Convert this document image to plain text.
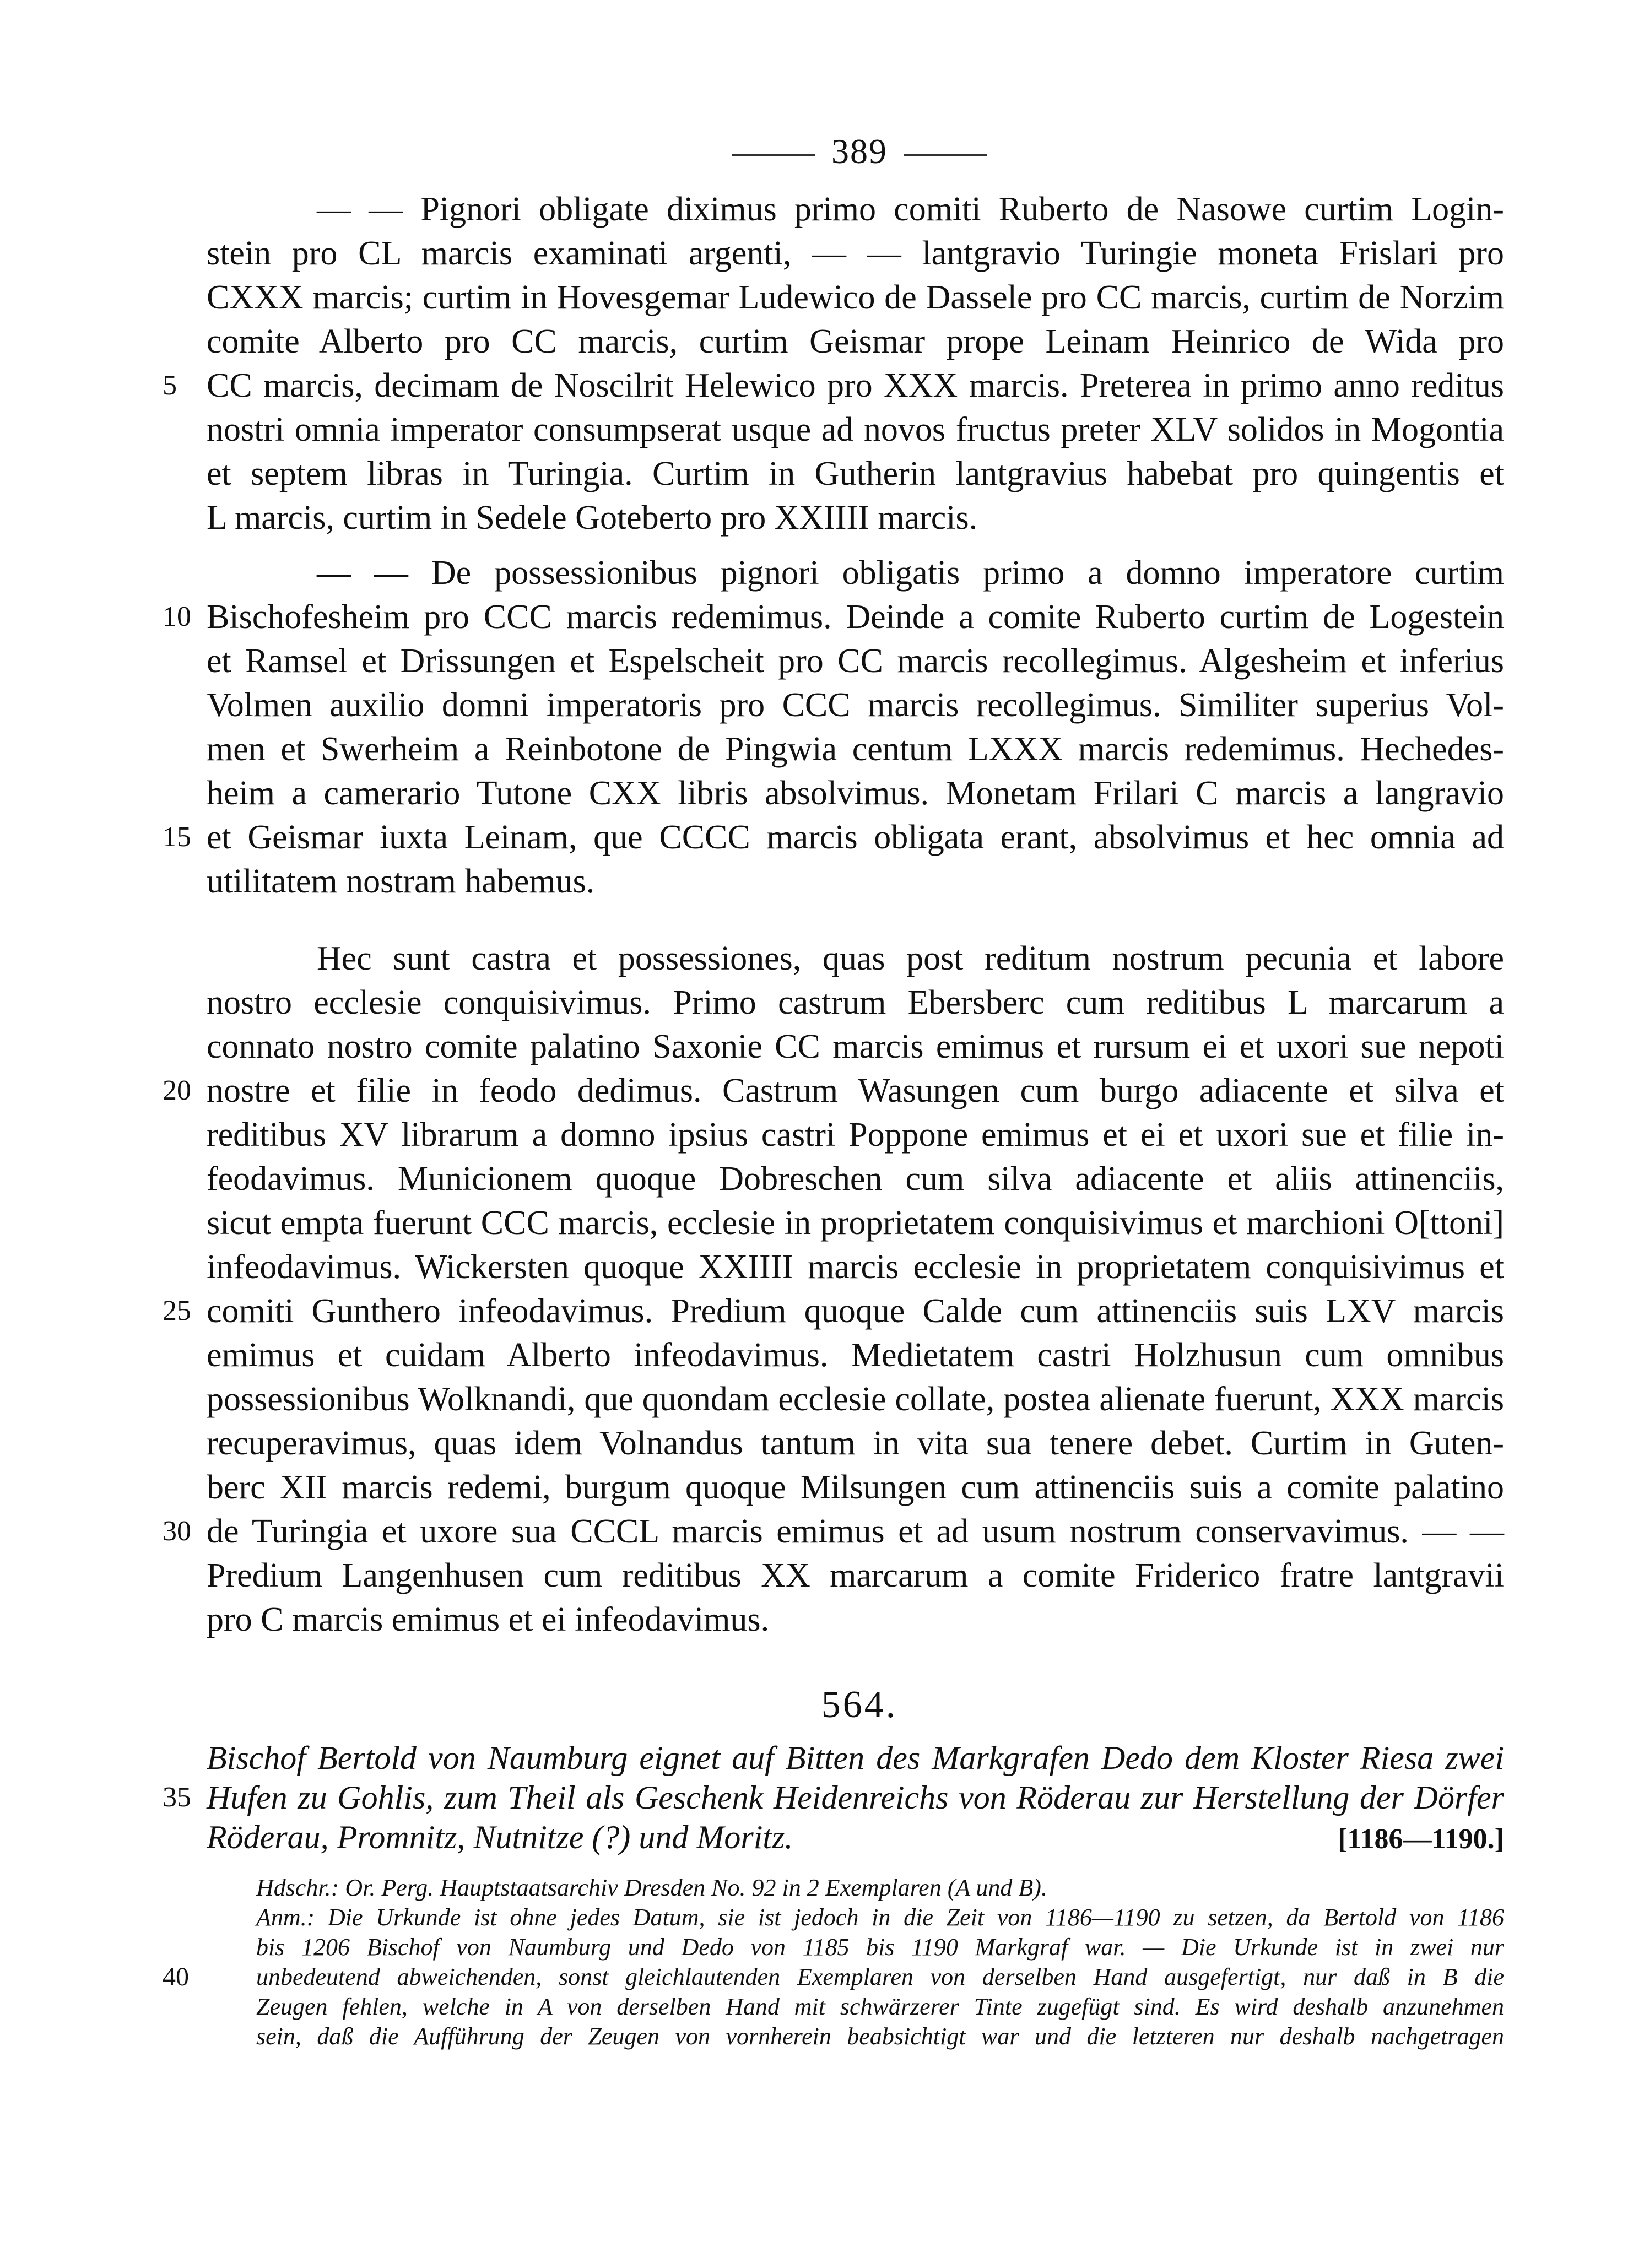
389
— — Pignori obligate diximus primo comiti Ruberto de Nasowe curtim Login-
stein pro CL marcis examinati argenti, — — lantgravio Turingie moneta Frislari pro
CXXX marcis; curtim in Hovesgemar Ludewico de Dassele pro CC marcis, curtim de Norzim
comite Alberto pro CC marcis, curtim Geismar prope Leinam Heinrico de Wida pro
5 CC marcis, decimam de Noscilrit Helewico pro XXX marcis. Preterea in primo anno reditus
nostri omnia imperator consumpserat usque ad novos fructus preter XLV solidos in Mogontia
et septem libras in Turingia. Curtim in Gutherin lantgravius habebat pro quingentis et
L marcis, curtim in Sedele Goteberto pro XXIIII marcis.
— — De possessionibus pignori obligatis primo a domno imperatore curtim
10 Bischofesheim pro CCC marcis redemimus. Deinde a comite Ruberto curtim de Logestein
et Ramsel et Drissungen et Espelscheit pro CC marcis recollegimus. Algesheim et inferius
Volmen auxilio domni imperatoris pro CCC marcis recollegimus. Similiter superius Vol-
men et Swerheim a Reinbotone de Pingwia centum LXXX marcis redemimus. Hechedes-
heim a camerario Tutone CXX libris absolvimus. Monetam Frilari C marcis a langravio
15 et Geismar iuxta Leinam, que CCCC marcis obligata erant, absolvimus et hec omnia ad
utilitatem nostram habemus.
Hec sunt castra et possessiones, quas post reditum nostrum pecunia et labore
nostro ecclesie conquisivimus. Primo castrum Ebersberc cum reditibus L marcarum a
connato nostro comite palatino Saxonie CC marcis emimus et rursum ei et uxori sue nepoti
20 nostre et filie in feodo dedimus. Castrum Wasungen cum burgo adiacente et silva et
reditibus XV librarum a domno ipsius castri Poppone emimus et ei et uxori sue et filie in-
feodavimus. Municionem quoque Dobreschen cum silva adiacente et aliis attinenciis,
sicut empta fuerunt CCC marcis, ecclesie in proprietatem conquisivimus et marchioni O[ttoni]
infeodavimus. Wickersten quoque XXIIII marcis ecclesie in proprietatem conquisivimus et
25 comiti Gunthero infeodavimus. Predium quoque Calde cum attinenciis suis LXV marcis
emimus et cuidam Alberto infeodavimus. Medietatem castri Holzhusun cum omnibus
possessionibus Wolknandi, que quondam ecclesie collate, postea alienate fuerunt, XXX marcis
recuperavimus, quas idem Volnandus tantum in vita sua tenere debet. Curtim in Guten-
berc XII marcis redemi, burgum quoque Milsungen cum attinenciis suis a comite palatino
30 de Turingia et uxore sua CCCL marcis emimus et ad usum nostrum conservavimus. — —
Predium Langenhusen cum reditibus XX marcarum a comite Friderico fratre lantgravii
pro C marcis emimus et ei infeodavimus.
564.
Bischof Bertold von Naumburg eignet auf Bitten des Markgrafen Dedo dem Kloster Riesa zwei
35 Hufen zu Gohlis, zum Theil als Geschenk Heidenreichs von Röderau zur Herstellung der Dörfer
Röderau, Promnitz, Nutnitze (?) und Moritz.	[1186—1190.]
Hdschr.: Or. Perg. Hauptstaatsarchiv Dresden No. 92 in 2 Exemplaren (A und B).
Anm.: Die Urkunde ist ohne jedes Datum, sie ist jedoch in die Zeit von 1186—1190 zu setzen, da Bertold von 1186
bis 1206 Bischof von Naumburg und Dedo von 1185 bis 1190 Markgraf war. — Die Urkunde ist in zwei nur
40	unbedeutend abweichenden, sonst gleichlautenden Exemplaren von derselben Hand ausgefertigt, nur daß in B die
Zeugen fehlen, welche in A von derselben Hand mit schwärzerer Tinte zugefügt sind. Es wird deshalb anzunehmen
sein, daß die Aufführung der Zeugen von vornherein beabsichtigt war und die letzteren nur deshalb nachgetragen
